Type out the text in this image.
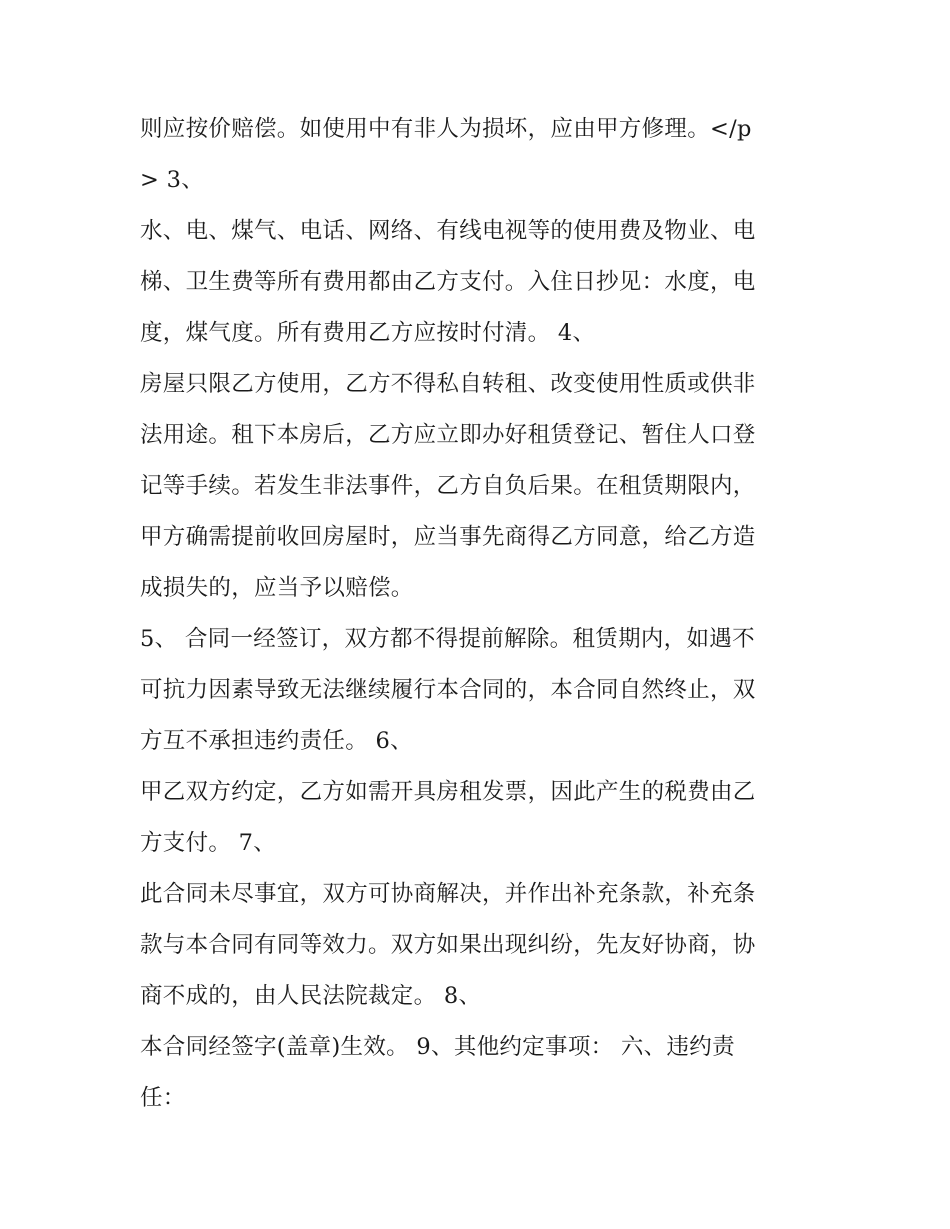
则应按价赔偿。如使用中有非人为损坏，应由甲方修理。</p
> 3、
水、电、煤气、电话、网络、有线电视等的使用费及物业、电
梯、卫生费等所有费用都由乙方支付。入住日抄见：水度，电
度，煤气度。所有费用乙方应按时付清。 4、
房屋只限乙方使用，乙方不得私自转租、改变使用性质或供非
法用途。租下本房后，乙方应立即办好租赁登记、暂住人口登
记等手续。若发生非法事件，乙方自负后果。在租赁期限内，
甲方确需提前收回房屋时，应当事先商得乙方同意，给乙方造
成损失的，应当予以赔偿。
5、 合同一经签订，双方都不得提前解除。租赁期内，如遇不
可抗力因素导致无法继续履行本合同的，本合同自然终止，双
方互不承担违约责任。 6、
甲乙双方约定，乙方如需开具房租发票，因此产生的税费由乙
方支付。 7、
此合同未尽事宜，双方可协商解决，并作出补充条款，补充条
款与本合同有同等效力。双方如果出现纠纷，先友好协商，协
商不成的，由人民法院裁定。 8、
本合同经签字(盖章)生效。 9、其他约定事项： 六、违约责
任：
